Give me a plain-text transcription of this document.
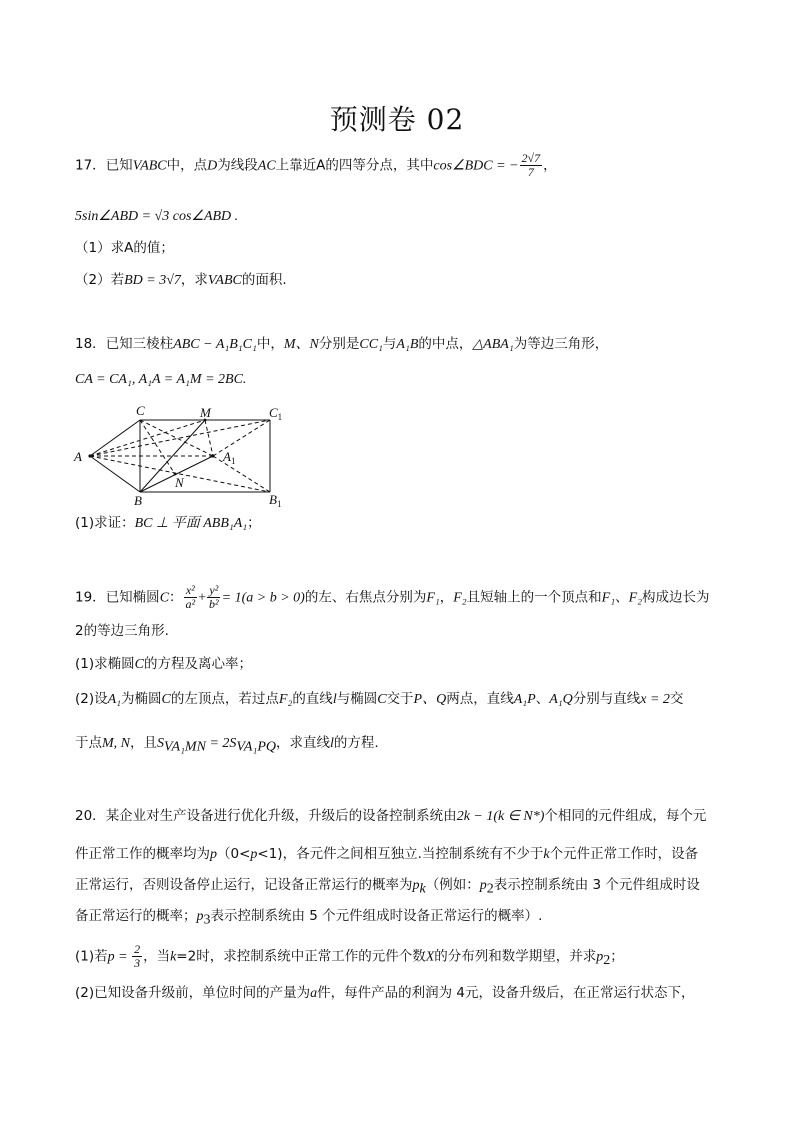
预测卷 02
17．已知VABC中，点D为线段AC上靠近A的四等分点，其中cos∠BDC = − $\frac{2√7}{7}$ ，
5sin∠ABD = √3 cos∠ABD .
（1）求A的值；
（2）若BD = 3√7，求VABC的面积.
18．已知三棱柱ABC − A₁B₁C₁中，M、N分别是CC₁与A₁B的中点，△ABA₁为等边三角形，
CA = CA₁, A₁A = A₁M = 2BC.
C	M	$C_1$
A	$A_1$
N
B	$B_1$
(1)求证：BC ⊥ 平面 ABB₁A₁；
19．已知椭圆C： $\frac{\text{x²}}{\text{a²}} + \frac{\text{y²}}{\text{b²}} = 1(a > b > 0)$的左、右焦点分别为F₁，F₂且短轴上的一个顶点和F₁、F₂构成边长为
2的等边三角形.
(1)求椭圆C的方程及离心率；
(2)设A₁为椭圆C的左顶点，若过点F₂的直线l与椭圆C交于P、Q两点，直线A₁P、A₁Q分别与直线x = 2交
于点M, N，且$S_{VA_1MN} = 2S_{VA_1PQ}$，求直线l的方程.
20．某企业对生产设备进行优化升级，升级后的设备控制系统由2k − 1(k ∈ N*)个相同的元件组成，每个元
件正常工作的概率均为p（0<p<1)，各元件之间相互独立.当控制系统有不少于k个元件正常工作时，设备
正常运行，否则设备停止运行，记设备正常运行的概率为$p_k$（例如：$p_2$表示控制系统由 3 个元件组成时设
备正常运行的概率；$p_3$表示控制系统由 5 个元件组成时设备正常运行的概率）.
(1)若$p = \frac{2}{3}$ ，当k=2时，求控制系统中正常工作的元件个数X的分布列和数学期望，并求$p_2$；
(2)已知设备升级前，单位时间的产量为a件，每件产品的利润为 4元，设备升级后，在正常运行状态下，
